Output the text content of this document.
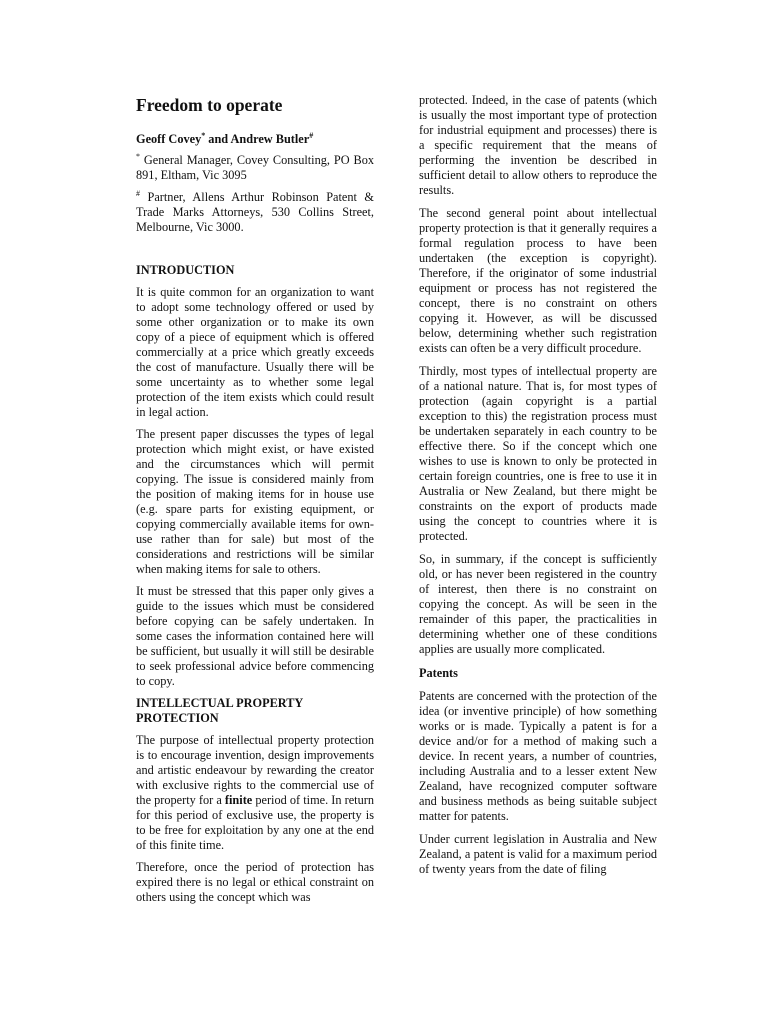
Freedom to operate
Geoff Covey* and Andrew Butler#
* General Manager, Covey Consulting, PO Box 891, Eltham, Vic 3095
# Partner, Allens Arthur Robinson Patent & Trade Marks Attorneys, 530 Collins Street, Melbourne, Vic 3000.
INTRODUCTION

It is quite common for an organization to want to adopt some technology offered or used by some other organization or to make its own copy of a piece of equipment which is offered commercially at a price which greatly exceeds the cost of manufacture. Usually there will be some uncertainty as to whether some legal protection of the item exists which could result in legal action.

The present paper discusses the types of legal protection which might exist, or have existed and the circumstances which will permit copying. The issue is considered mainly from the position of making items for in house use (e.g. spare parts for existing equipment, or copying commercially available items for own-use rather than for sale) but most of the considerations and restrictions will be similar when making items for sale to others.

It must be stressed that this paper only gives a guide to the issues which must be considered before copying can be safely undertaken. In some cases the information contained here will be sufficient, but usually it will still be desirable to seek professional advice before commencing to copy.

INTELLECTUAL PROPERTY
PROTECTION

The purpose of intellectual property protection is to encourage invention, design improvements and artistic endeavour by rewarding the creator with exclusive rights to the commercial use of the property for a finite period of time. In return for this period of exclusive use, the property is to be free for exploitation by any one at the end of this finite time.

Therefore, once the period of protection has expired there is no legal or ethical constraint on others using the concept which was

protected. Indeed, in the case of patents (which is usually the most important type of protection for industrial equipment and processes) there is a specific requirement that the means of performing the invention be described in sufficient detail to allow others to reproduce the results.

The second general point about intellectual property protection is that it generally requires a formal regulation process to have been undertaken (the exception is copyright). Therefore, if the originator of some industrial equipment or process has not registered the concept, there is no constraint on others copying it. However, as will be discussed below, determining whether such registration exists can often be a very difficult procedure.

Thirdly, most types of intellectual property are of a national nature. That is, for most types of protection (again copyright is a partial exception to this) the registration process must be undertaken separately in each country to be effective there. So if the concept which one wishes to use is known to only be protected in certain foreign countries, one is free to use it in Australia or New Zealand, but there might be constraints on the export of products made using the concept to countries where it is protected.

So, in summary, if the concept is sufficiently old, or has never been registered in the country of interest, then there is no constraint on copying the concept. As will be seen in the remainder of this paper, the practicalities in determining whether one of these conditions applies are usually more complicated.

Patents

Patents are concerned with the protection of the idea (or inventive principle) of how something works or is made. Typically a patent is for a device and/or for a method of making such a device. In recent years, a number of countries, including Australia and to a lesser extent New Zealand, have recognized computer software and business methods as being suitable subject matter for patents.

Under current legislation in Australia and New Zealand, a patent is valid for a maximum period of twenty years from the date of filing
